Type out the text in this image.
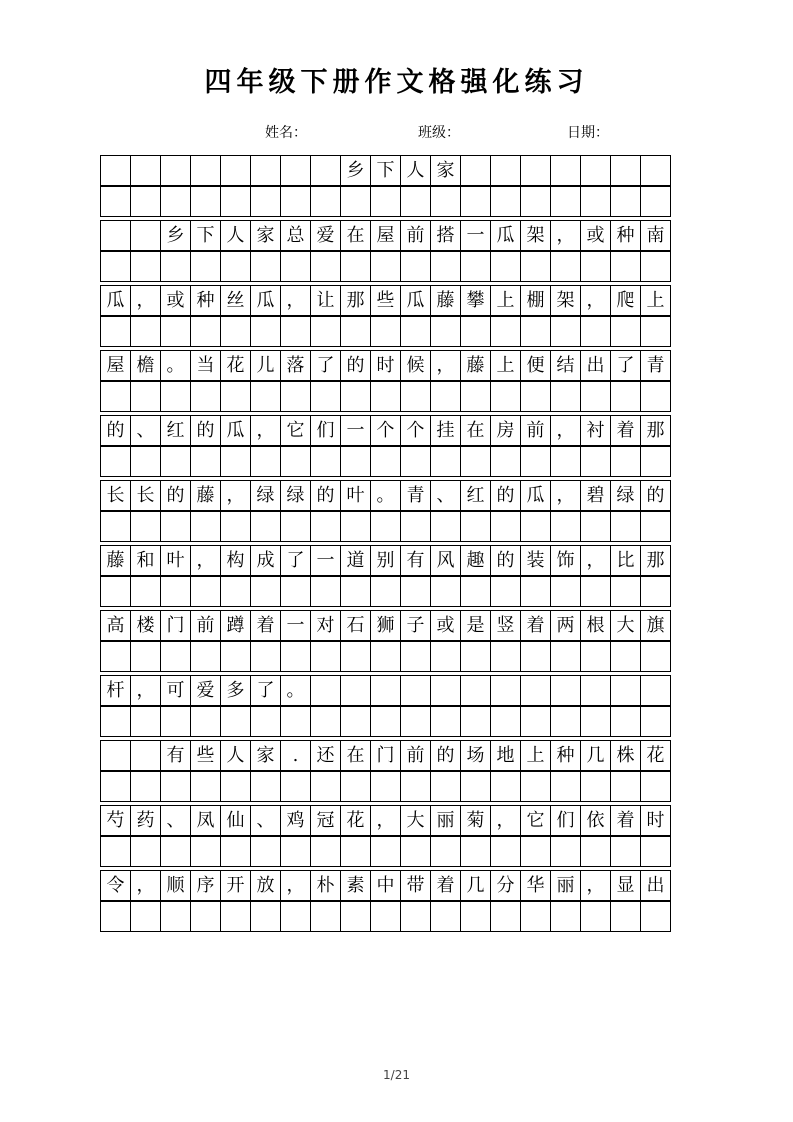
四年级下册作文格强化练习
姓名：	班级：	日期：
乡 下 人 家
乡 下 人 家 总 爱 在 屋 前 搭 一 瓜 架 ， 或 种 南
瓜 ， 或 种 丝 瓜 ， 让 那 些 瓜 藤 攀 上 棚 架 ， 爬 上
屋 檐 。 当 花 儿 落 了 的 时 候 ， 藤 上 便 结 出 了 青
的 、 红 的 瓜 ， 它 们 一 个 个 挂 在 房 前 ， 衬 着 那
长 长 的 藤 ， 绿 绿 的 叶 。 青 、 红 的 瓜 ， 碧 绿 的
藤 和 叶 ， 构 成 了 一 道 别 有 风 趣 的 装 饰 ， 比 那
高 楼 门 前 蹲 着 一 对 石 狮 子 或 是 竖 着 两 根 大 旗
杆 ， 可 爱 多 了 。
有 些 人 家	.	还 在 门 前 的 场 地 上 种 几 株 花
芍 药 、 凤 仙 、 鸡 冠 花 ， 大 丽 菊 ， 它 们 依 着 时
令 ， 顺 序 开 放 ， 朴 素 中 带 着 几 分 华 丽 ， 显 出
1/21
